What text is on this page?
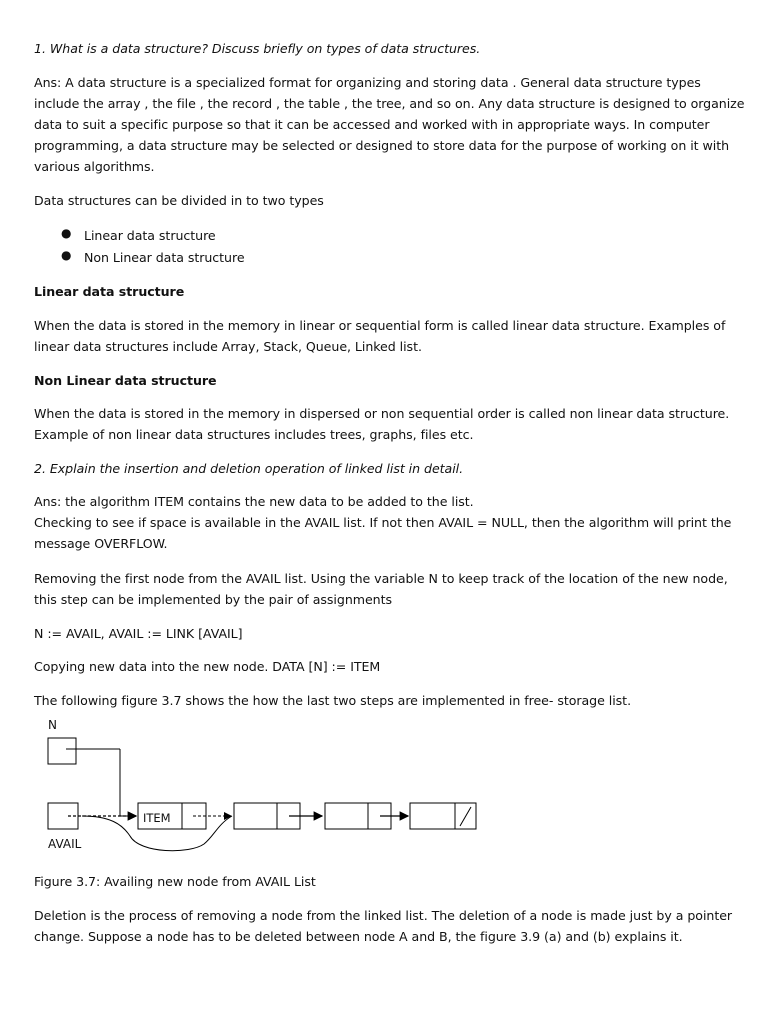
1. What is a data structure? Discuss briefly on types of data structures.
Ans: A data structure is a specialized format for organizing and storing data . General data structure types
include the array , the file , the record , the table , the tree, and so on. Any data structure is designed to organize
data to suit a specific purpose so that it can be accessed and worked with in appropriate ways. In computer
programming, a data structure may be selected or designed to store data for the purpose of working on it with
various algorithms.
Data structures can be divided in to two types
● Linear data structure
● Non Linear data structure
Linear data structure
When the data is stored in the memory in linear or sequential form is called linear data structure. Examples of
linear data structures include Array, Stack, Queue, Linked list.
Non Linear data structure
When the data is stored in the memory in dispersed or non sequential order is called non linear data structure.
Example of non linear data structures includes trees, graphs, files etc.
2. Explain the insertion and deletion operation of linked list in detail.
Ans: the algorithm ITEM contains the new data to be added to the list.
Checking to see if space is available in the AVAIL list. If not then AVAIL = NULL, then the algorithm will print the
message OVERFLOW.
Removing the first node from the AVAIL list. Using the variable N to keep track of the location of the new node,
this step can be implemented by the pair of assignments
N := AVAIL, AVAIL := LINK [AVAIL]
Copying new data into the new node. DATA [N] := ITEM
The following figure 3.7 shows the how the last two steps are implemented in free- storage list.
N
ITEM
AVAIL
Figure 3.7: Availing new node from AVAIL List
Deletion is the process of removing a node from the linked list. The deletion of a node is made just by a pointer
change. Suppose a node has to be deleted between node A and B, the figure 3.9 (a) and (b) explains it.
